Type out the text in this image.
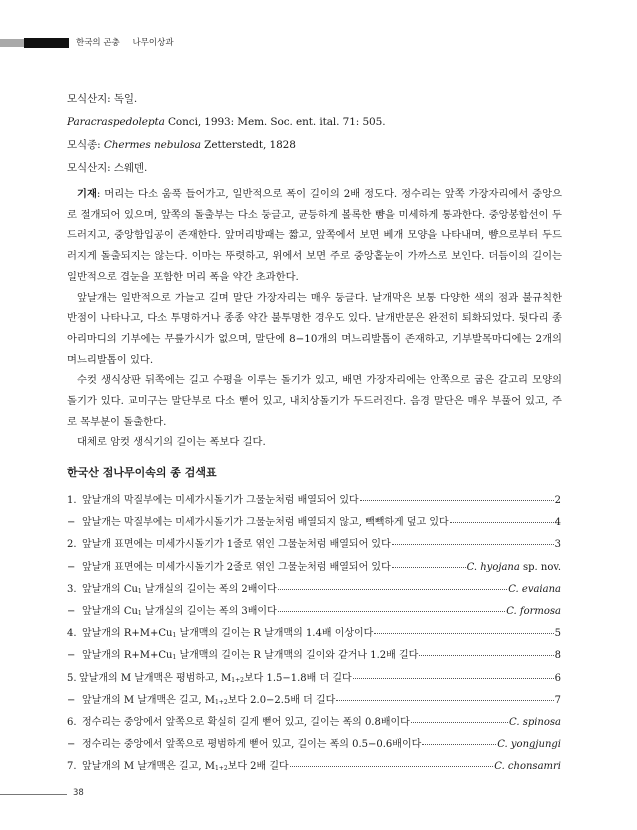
한국의 곤충 나무이상과
모식산지: 독일.
Paracraspedolepta Conci, 1993: Mem. Soc. ent. ital. 71: 505.
모식종: Chermes nebulosa Zetterstedt, 1828
모식산지: 스웨덴.

기재: 머리는 다소 움푹 들어가고, 일반적으로 폭이 길이의 2배 정도다. 정수리는 앞쪽 가장자리에서 중앙으로 절개되어 있으며, 앞쪽의 돌출부는 다소 둥글고, 균등하게 볼록한 뺨을 미세하게 통과한다. 중앙봉합선이 두드러지고, 중앙함입공이 존재한다. 앞머리방패는 짧고, 앞쪽에서 보면 베개 모양을 나타내며, 뺨으로부터 두드러지게 돌출되지는 않는다. 이마는 뚜렷하고, 위에서 보면 주로 중앙홑눈이 가까스로 보인다. 더듬이의 길이는 일반적으로 겹눈을 포함한 머리 폭을 약간 초과한다.

앞날개는 일반적으로 가늘고 길며 말단 가장자리는 매우 둥글다. 날개막은 보통 다양한 색의 점과 불규칙한 반점이 나타나고, 다소 투명하거나 종종 약간 불투명한 경우도 있다. 날개반문은 완전히 퇴화되었다. 뒷다리 종아리마디의 기부에는 무릎가시가 없으며, 말단에 8−10개의 며느리발톱이 존재하고, 기부발목마디에는 2개의 며느리발톱이 있다.

수컷 생식상판 뒤쪽에는 길고 수평을 이루는 돌기가 있고, 배면 가장자리에는 안쪽으로 굽은 갈고리 모양의 돌기가 있다. 교미구는 말단부로 다소 뻗어 있고, 내치상돌기가 두드러진다. 음경 말단은 매우 부풀어 있고, 주로 목부분이 돌출한다.

대체로 암컷 생식기의 길이는 폭보다 길다.

한국산 점나무이속의 종 검색표
1. 앞날개의 막질부에는 미세가시돌기가 그물눈처럼 배열되어 있다	2
− 앞날개는 막질부에는 미세가시돌기가 그물눈처럼 배열되지 않고, 빽빽하게 덮고 있다	4
2. 앞날개 표면에는 미세가시돌기가 1줄로 엮인 그물눈처럼 배열되어 있다	3
− 앞날개 표면에는 미세가시돌기가 2줄로 엮인 그물눈처럼 배열되어 있다	C. hyojana sp. nov.
3. 앞날개의 $Cu_1$ 날개실의 길이는 폭의 2배이다	C. evaiana
− 앞날개의 $Cu_1$ 날개실의 길이는 폭의 3배이다	C. formosa
4. 앞날개의 $R+M+Cu_1$ 날개맥의 길이는 R 날개맥의 1.4배 이상이다	5
− 앞날개의 $R+M+Cu_1$ 날개맥의 길이는 R 날개맥의 길이와 같거나 1.2배 길다	8
5. 앞날개의 M 날개맥은 평범하고, $M_{1+2}$보다 1.5−1.8배 더 길다	6
− 앞날개의 M 날개맥은 길고, $M_{1+2}$보다 2.0−2.5배 더 길다	7
6. 정수리는 중앙에서 앞쪽으로 확실히 길게 뻗어 있고, 길이는 폭의 0.8배이다	C. spinosa
− 정수리는 중앙에서 앞쪽으로 평범하게 뻗어 있고, 길이는 폭의 0.5−0.6배이다	C. yongjungi
7. 앞날개의 M 날개맥은 길고, $M_{1+2}$보다 2배 길다	C. chonsamri
38
